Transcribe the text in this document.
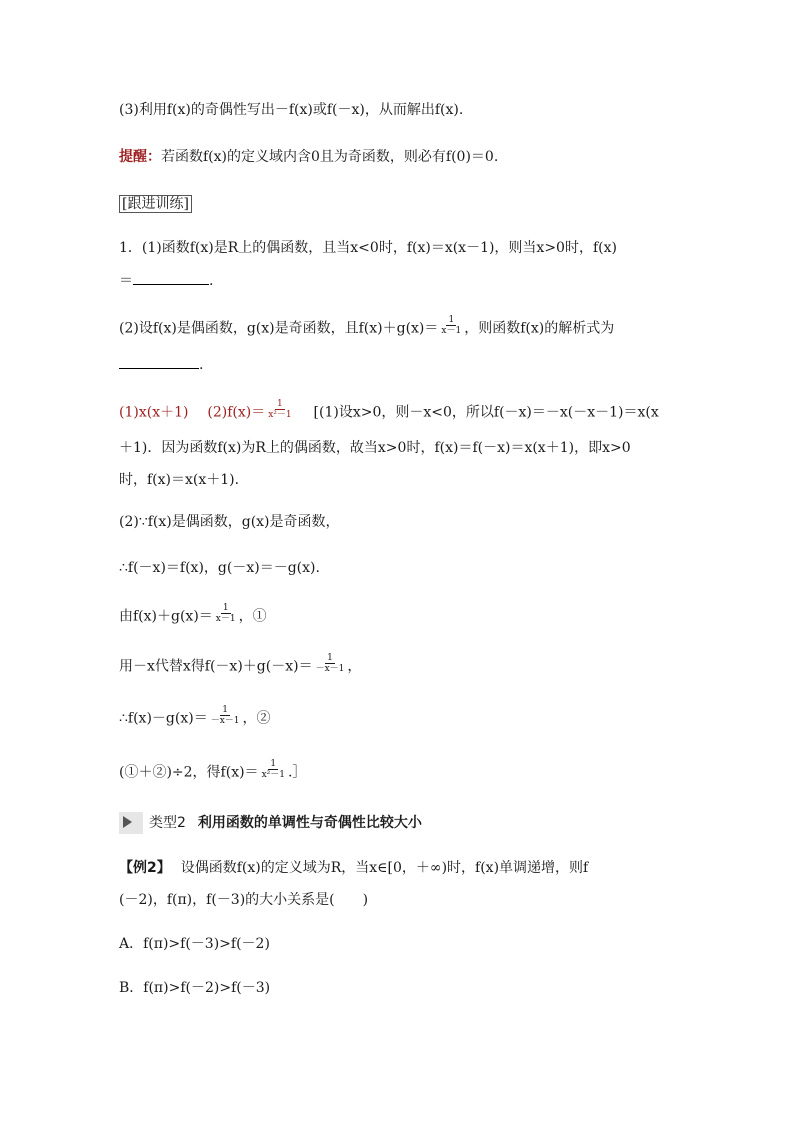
(3)利用f(x)的奇偶性写出－f(x)或f(－x)，从而解出f(x).
提醒：若函数f(x)的定义域内含0且为奇函数，则必有f(0)＝0.
[跟进训练]
1．(1)函数f(x)是R上的偶函数，且当x<0时，f(x)＝x(x－1)，则当x>0时，f(x)
＝	.
(2)设f(x)是偶函数，g(x)是奇函数，且$f(x)+g(x)= \frac{1}{x-1}$ ，则函数f(x)的解析式为
.
(1)x(x＋1) $(2)f(x)= \frac{1}{\text{x²－1}} [(1)$设x>0，则－x<0，所以f(－x)＝－x(－x－1)＝x(x
＋1)．因为函数f(x)为R上的偶函数，故当x>0时，f(x)＝f(－x)＝x(x＋1)，即x>0
时，f(x)＝x(x＋1).
(2)∵f(x)是偶函数，g(x)是奇函数，
∴f(－x)＝f(x)，g(－x)＝－g(x).
由$f(x)+g(x)= \frac{1}{x-1}$ ，①
用－x代替x得$f(-x)+g(-x)= \frac{1}{-x-1}$ ，
∴f(x)－g(x)＝ $\frac{1}{-x-1}$ ，②
(①＋②)÷2，得$f(x)= \frac{1}{\text{x²－1}}$ .］
类型2 利用函数的单调性与奇偶性比较大小
【例2】 设偶函数f(x)的定义域为R，当x∈[0，＋∞)时，f(x)单调递增，则f
(－2)，f(π)，f(－3)的大小关系是(　　)
A．f(π)>f(－3)>f(－2)
B．f(π)>f(－2)>f(－3)
